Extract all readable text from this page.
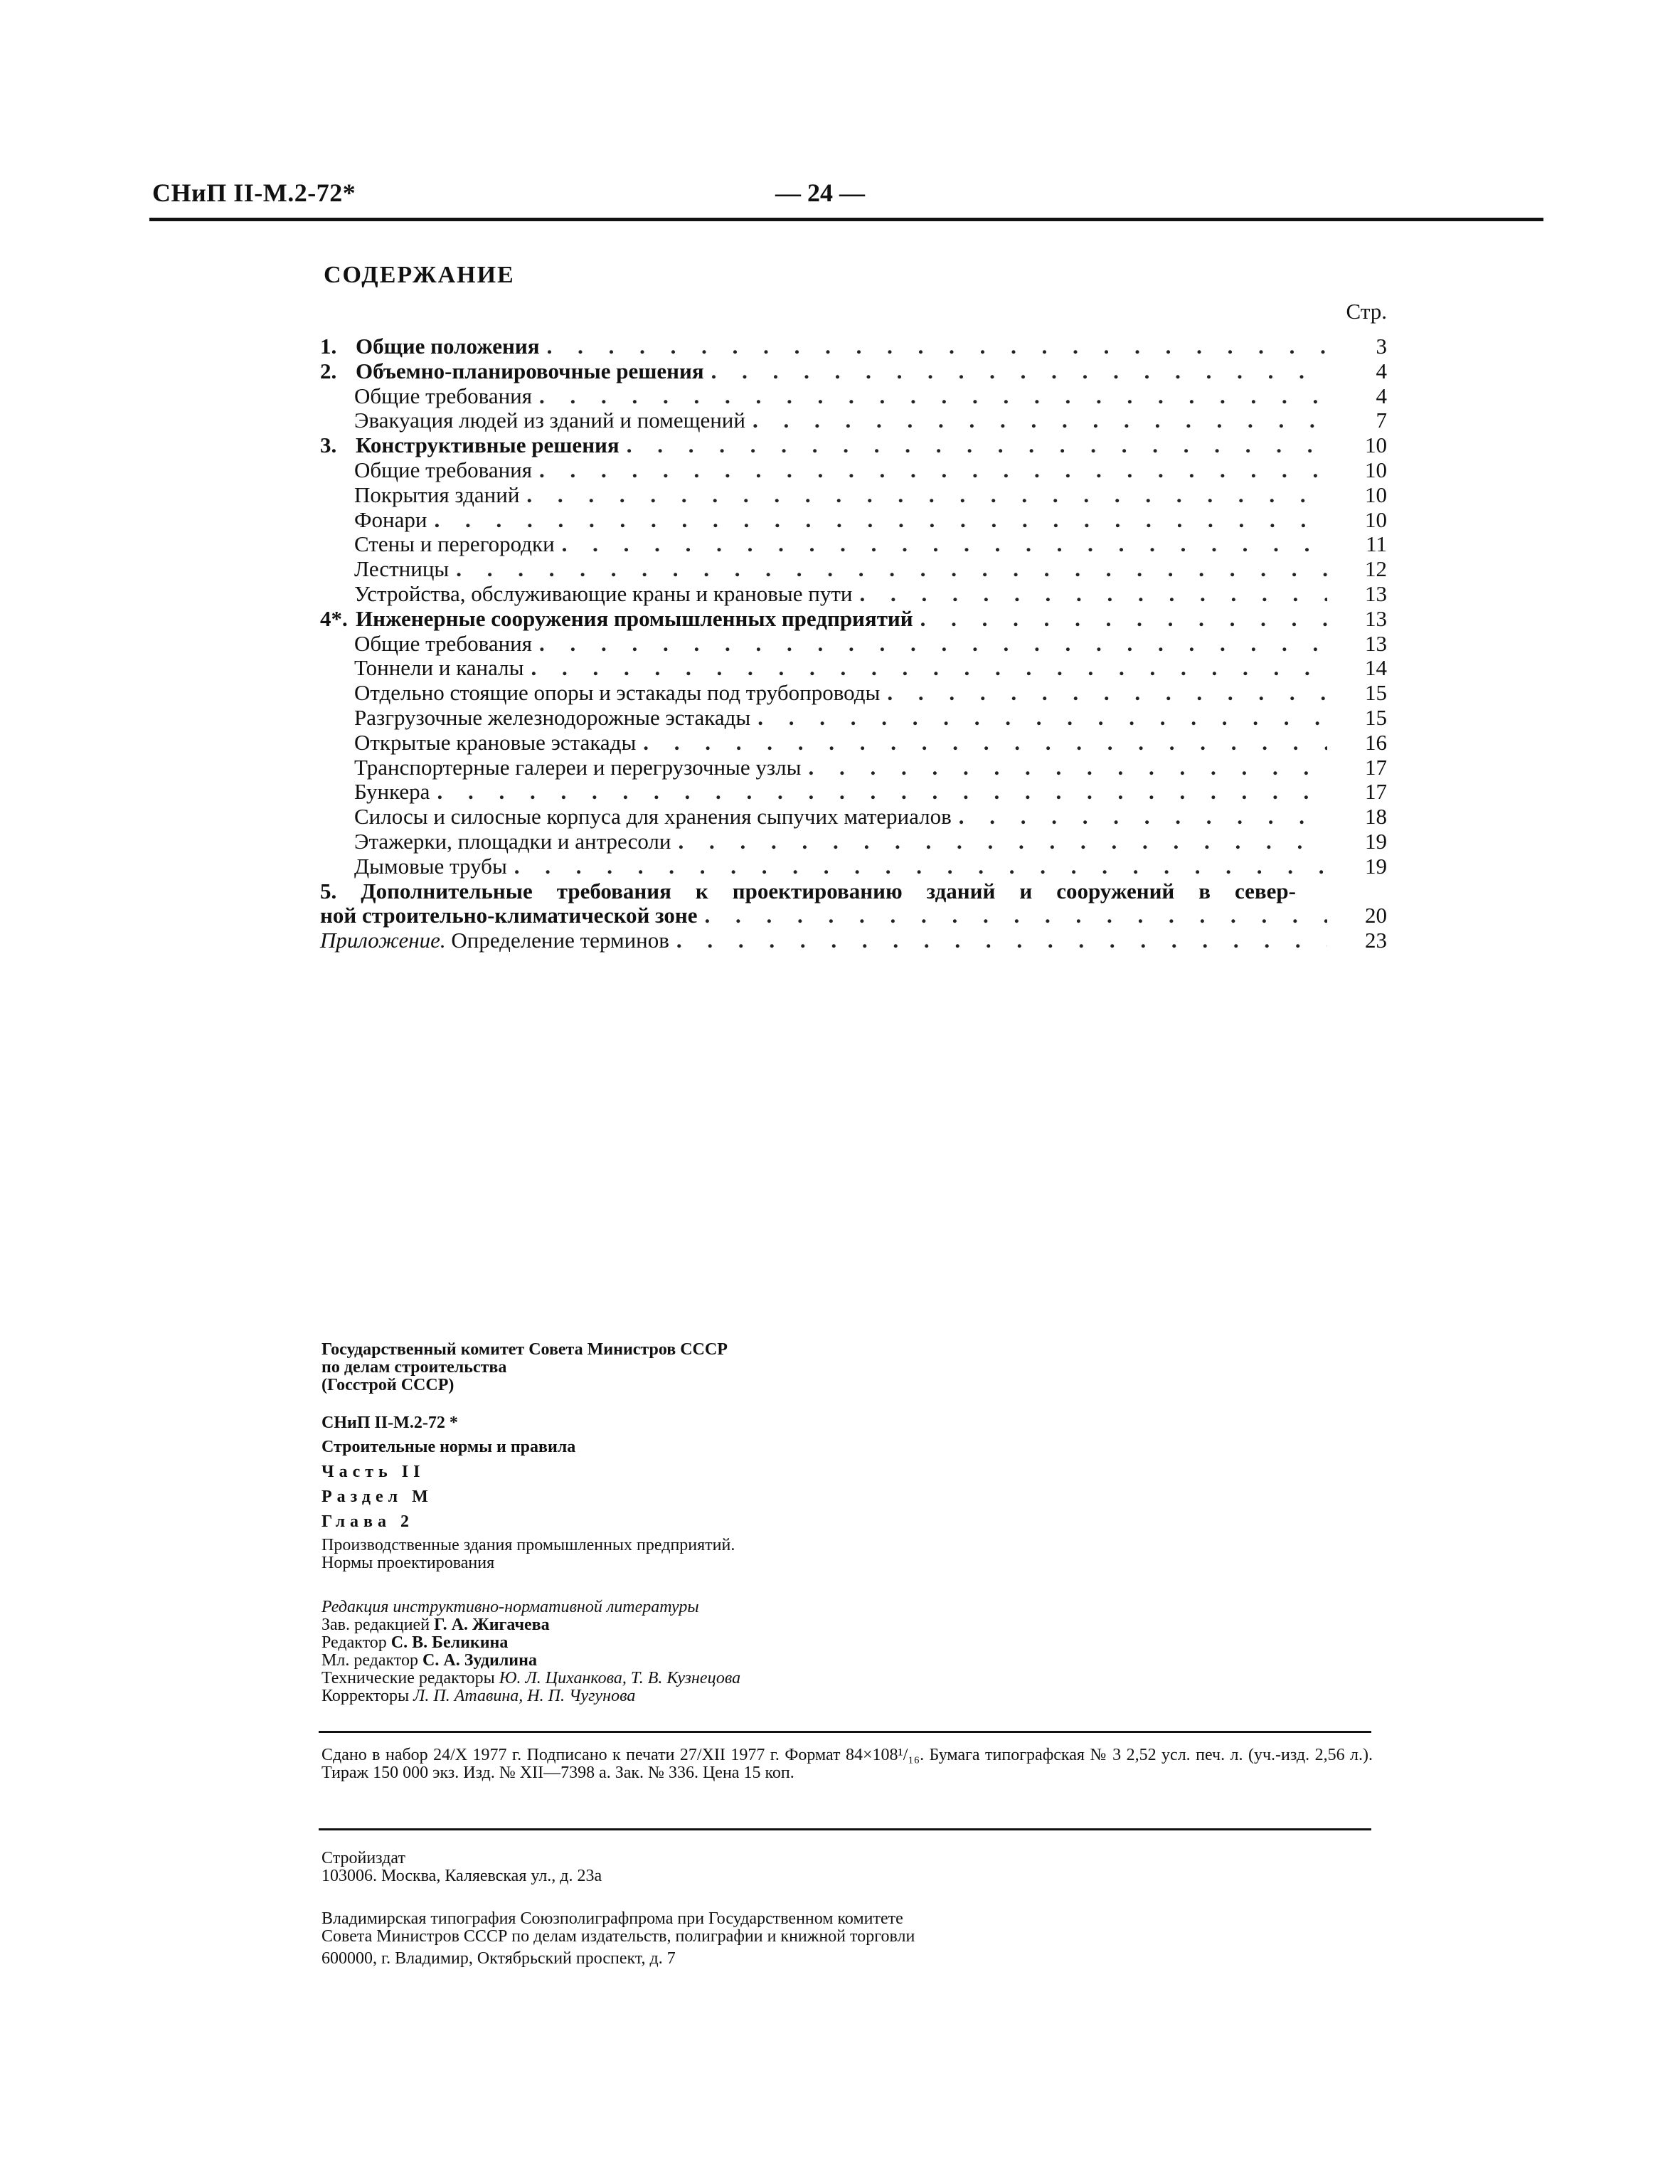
СНиП II-М.2-72*	— 24 —
СОДЕРЖАНИЕ
Стр.
1. Общие положения . . .	3
2. Объемно-планировочные решения . . .	4
Общие требования . . .	4
Эвакуация людей из зданий и помещений . . .	7
3. Конструктивные решения . . .	10
Общие требования . . .	10
Покрытия зданий . . .	10
Фонари . . .	10
Стены и перегородки . . .	11
Лестницы . . .	12
Устройства, обслуживающие краны и крановые пути . . .	13
4*. Инженерные сооружения промышленных предприятий . . .	13
Общие требования . . .	13
Тоннели и каналы . . .	14
Отдельно стоящие опоры и эстакады под трубопроводы . . .	15
Разгрузочные железнодорожные эстакады . . .	15
Открытые крановые эстакады . . .	16
Транспортерные галереи и перегрузочные узлы . . .	17
Бункера . . .	17
Силосы и силосные корпуса для хранения сыпучих материалов . . .	18
Этажерки, площадки и антресоли . . .	19
Дымовые трубы . . .	19
5. Дополнительные требования к проектированию зданий и сооружений в север-
ной строительно-климатической зоне . . .	20
Приложение. Определение терминов . . .	23
Государственный комитет Совета Министров СССР
по делам строительства
(Госстрой СССР)
СНиП II-М.2-72 *
Строительные нормы и правила
Часть II
Раздел М
Глава 2
Производственные здания промышленных предприятий.
Нормы проектирования
Редакция инструктивно-нормативной литературы
Зав. редакцией Г. А. Жигачева
Редактор С. В. Беликина
Мл. редактор С. А. Зудилина
Технические редакторы Ю. Л. Циханкова, Т. В. Кузнецова
Корректоры Л. П. Атавина, Н. П. Чугунова
Сдано в набор 24/X 1977 г. Подписано к печати 27/XII 1977 г. Формат 84×108¹/₁₆. Бумага типографская № 3 2,52 усл. печ. л. (уч.-изд. 2,56 л.). Тираж 150 000 экз. Изд. № XII—7398 а. Зак. № 336. Цена 15 коп.
Стройиздат
103006. Москва, Каляевская ул., д. 23а
Владимирская типография Союзполиграфпрома при Государственном комитете
Совета Министров СССР по делам издательств, полиграфии и книжной торговли
600000, г. Владимир, Октябрьский проспект, д. 7
